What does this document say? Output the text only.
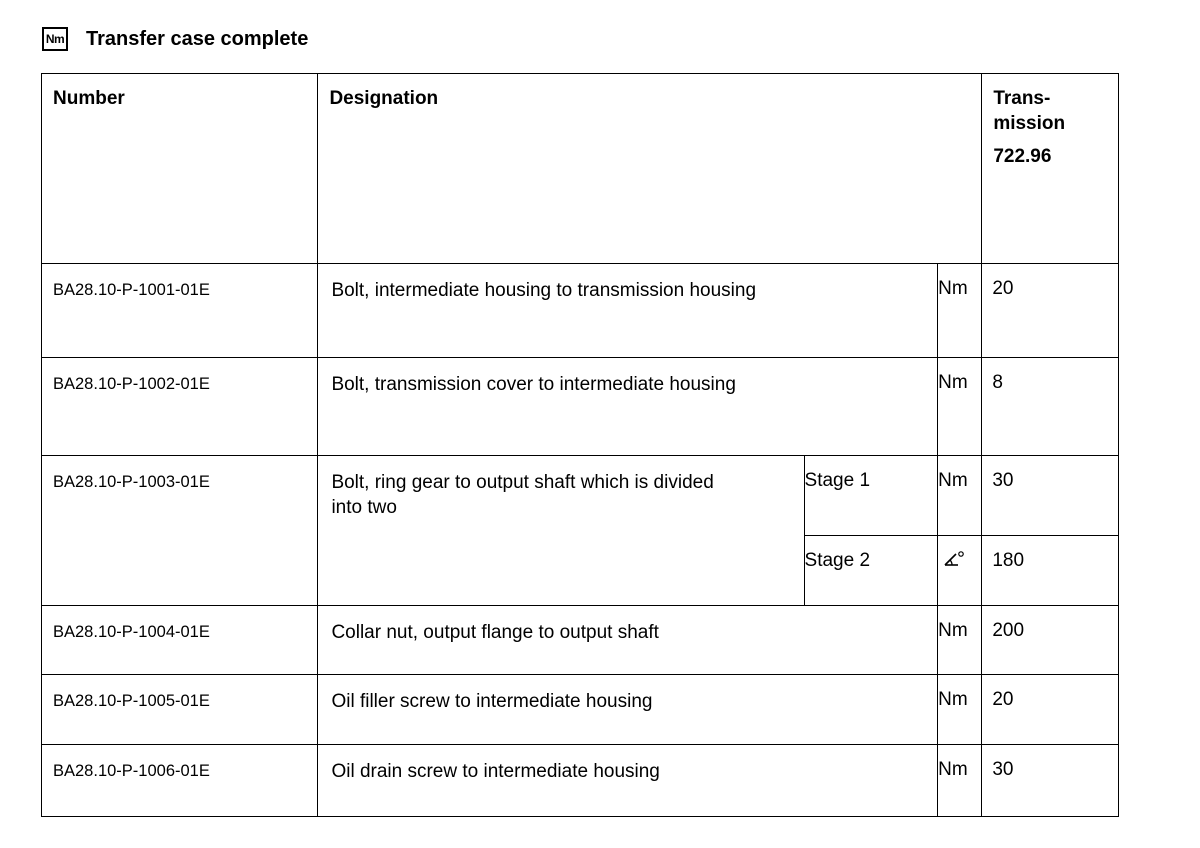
Nm Transfer case complete
Number	Designation			Trans-
mission
722.96

BA28.10-P-1001-01E	Bolt, intermediate housing to transmission housing		Nm	20

BA28.10-P-1002-01E	Bolt, transmission cover to intermediate housing		Nm	8

BA28.10-P-1003-01E	Bolt, ring gear to output shaft which is divided into two	Stage 1	Nm	30

		Stage 2		180

BA28.10-P-1004-01E	Collar nut, output flange to output shaft		Nm	200

BA28.10-P-1005-01E	Oil filler screw to intermediate housing		Nm	20

BA28.10-P-1006-01E	Oil drain screw to intermediate housing		Nm	30
